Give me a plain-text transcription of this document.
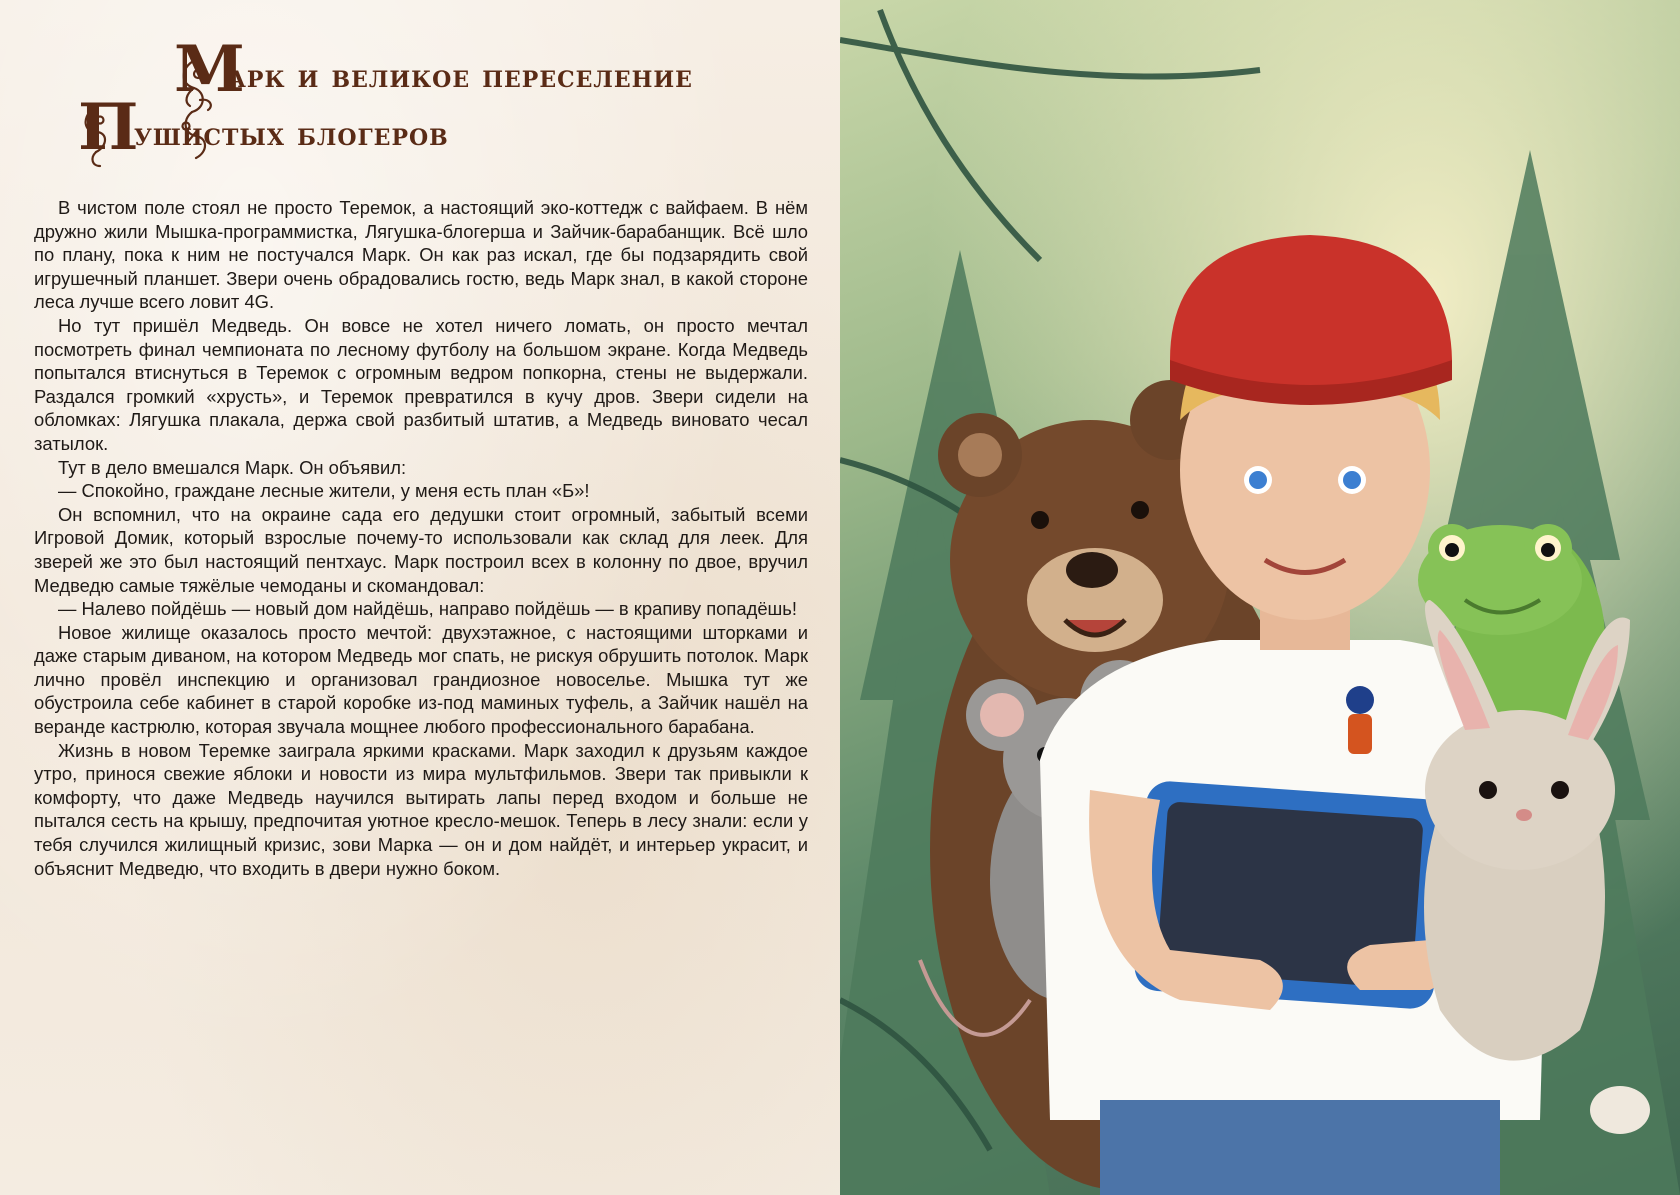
М
арк и великое переселение
П
ушистых блогеров

В чистом поле стоял не просто Теремок, а настоящий эко-коттедж с вайфаем. В нём дружно жили Мышка-программистка, Лягушка-блогерша и Зайчик-барабанщик. Всё шло по плану, пока к ним не постучался Марк. Он как раз искал, где бы подзарядить свой игрушечный планшет. Звери очень обрадовались гостю, ведь Марк знал, в какой стороне леса лучше всего ловит 4G.

Но тут пришёл Медведь. Он вовсе не хотел ничего ломать, он просто мечтал посмотреть финал чемпионата по лесному футболу на большом экране. Когда Медведь попытался втиснуться в Теремок с огромным ведром попкорна, стены не выдержали. Раздался громкий «хрусть», и Теремок превратился в кучу дров. Звери сидели на обломках: Лягушка плакала, держа свой разбитый штатив, а Медведь виновато чесал затылок.

Тут в дело вмешался Марк. Он объявил:

— Спокойно, граждане лесные жители, у меня есть план «Б»!

Он вспомнил, что на окраине сада его дедушки стоит огромный, забытый всеми Игровой Домик, который взрослые почему-то использовали как склад для леек. Для зверей же это был настоящий пентхаус. Марк построил всех в колонну по двое, вручил Медведю самые тяжёлые чемоданы и скомандовал:

— Налево пойдёшь — новый дом найдёшь, направо пойдёшь — в крапиву попадёшь!

Новое жилище оказалось просто мечтой: двухэтажное, с настоящими шторками и даже старым диваном, на котором Медведь мог спать, не рискуя обрушить потолок. Марк лично провёл инспекцию и организовал грандиозное новоселье. Мышка тут же обустроила себе кабинет в старой коробке из-под маминых туфель, а Зайчик нашёл на веранде кастрюлю, которая звучала мощнее любого профессионального барабана.

Жизнь в новом Теремке заиграла яркими красками. Марк заходил к друзьям каждое утро, принося свежие яблоки и новости из мира мультфильмов. Звери так привыкли к комфорту, что даже Медведь научился вытирать лапы перед входом и больше не пытался сесть на крышу, предпочитая уютное кресло-мешок. Теперь в лесу знали: если у тебя случился жилищный кризис, зови Марка — он и дом найдёт, и интерьер украсит, и объяснит Медведю, что входить в двери нужно боком.
